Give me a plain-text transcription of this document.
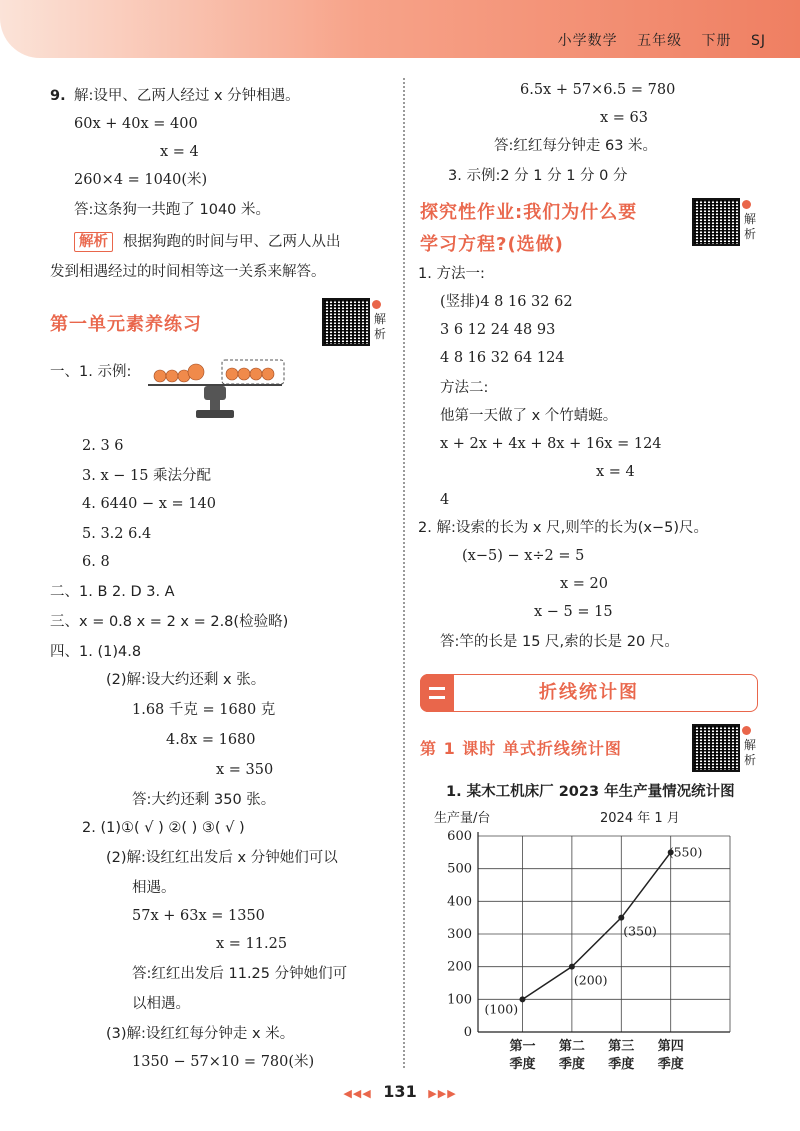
小学数学 五年级 下册 SJ
9. 解:设甲、乙两人经过 x 分钟相遇。
60x + 40x = 400
x = 4
260×4 = 1040(米)
答:这条狗一共跑了 1040 米。
解析 根据狗跑的时间与甲、乙两人从出
发到相遇经过的时间相等这一关系来解答。
第一单元素养练习	解析
一、1. 示例:
2. 3 6
3. x − 15 乘法分配
4. 6440 − x = 140
5. 3.2 6.4
6. 8
二、1. B 2. D 3. A
三、x = 0.8 x = 2 x = 2.8(检验略)
四、1. (1)4.8
(2)解:设大约还剩 x 张。
1.68 千克 = 1680 克
4.8x = 1680
x = 350
答:大约还剩 350 张。
2. (1)①( √ ) ②( ) ③( √ )
(2)解:设红红出发后 x 分钟她们可以
相遇。
57x + 63x = 1350
x = 11.25
答:红红出发后 11.25 分钟她们可
以相遇。
(3)解:设红红每分钟走 x 米。
1350 − 57×10 = 780(米)
6.5x + 57×6.5 = 780
x = 63
答:红红每分钟走 63 米。
3. 示例:2 分 1 分 1 分 0 分
探究性作业:我们为什么要
学习方程?(选做)
解析
1. 方法一:
(竖排)4 8 16 32 62
3 6 12 24 48 93
4 8 16 32 64 124
方法二:
他第一天做了 x 个竹蜻蜓。
x + 2x + 4x + 8x + 16x = 124
x = 4
4
2. 解:设索的长为 x 尺,则竿的长为(x−5)尺。
(x−5) − x÷2 = 5
x = 20
x − 5 = 15
答:竿的长是 15 尺,索的长是 20 尺。
折线统计图
第 1 课时 单式折线统计图	解析
1. 某木工机床厂 2023 年生产量情况统计图
0
100
200
300
400
500
600
生产量/台	2024 年 1 月
(100)
(200)
(350)
(550)
第一
季度
第二
季度
第三
季度
第四
季度
◀◀◀ 131 ▶▶▶
